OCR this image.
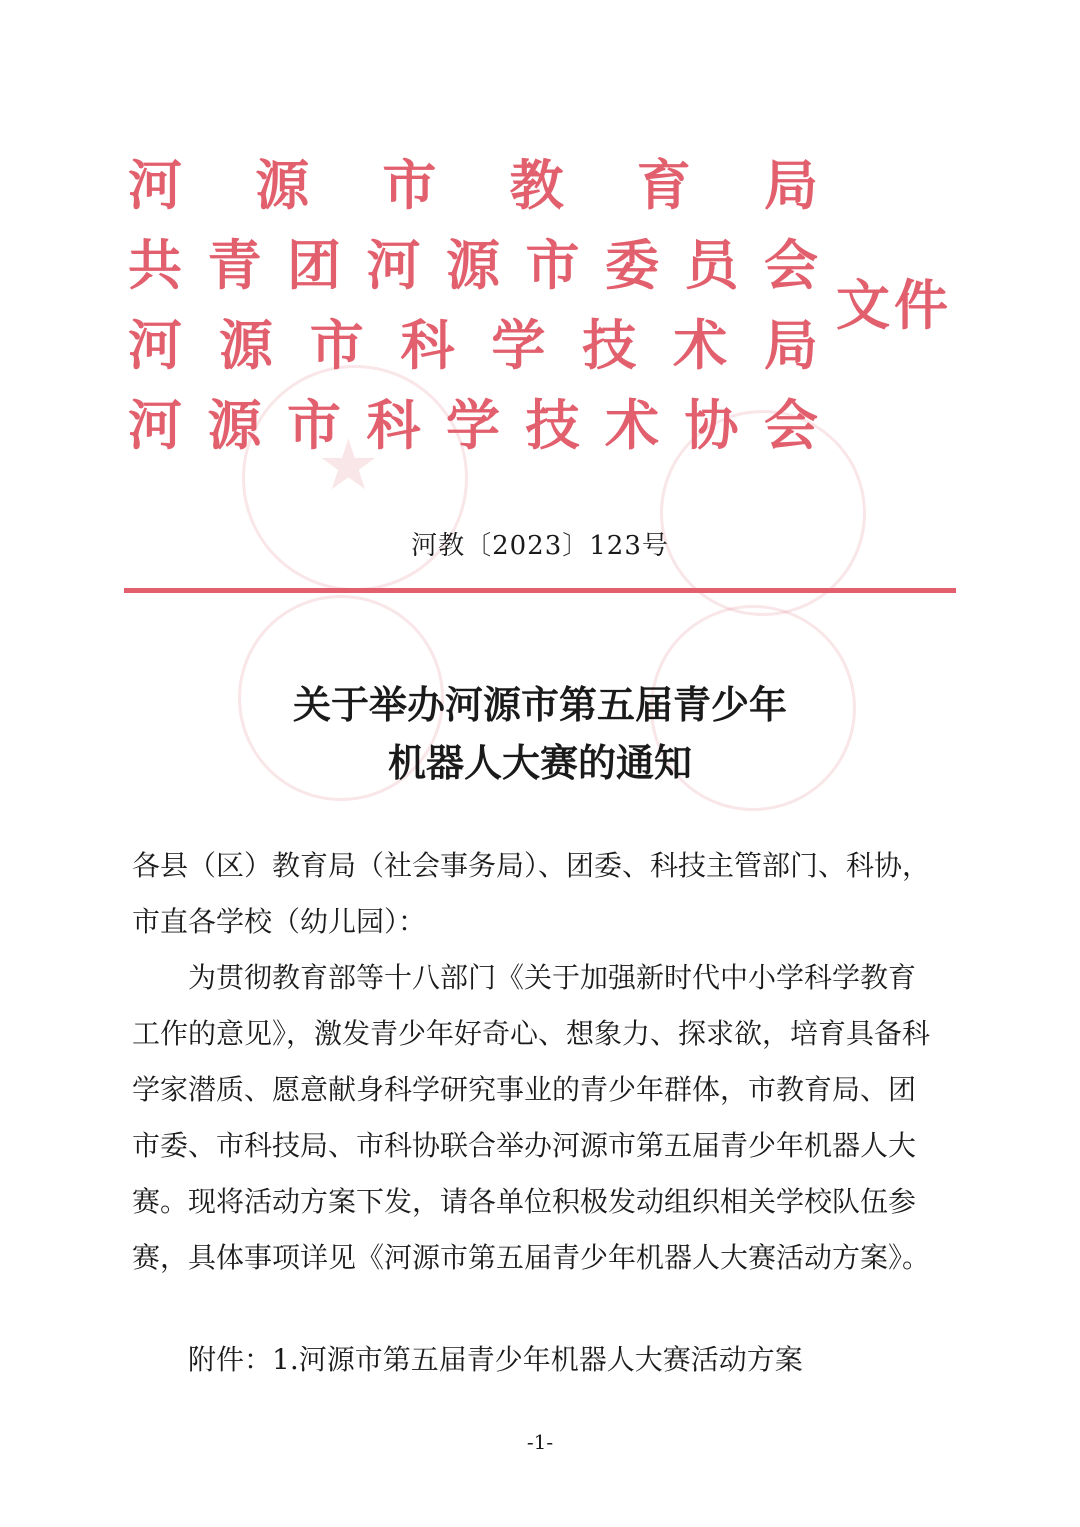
★
河 源 市 教 育 局
共 青 团 河 源 市 委 员 会
河 源 市 科 学 技 术 局
河 源 市 科 学 技 术 协 会
文件
河教〔2023〕123号
关于举办河源市第五届青少年
机器人大赛的通知
各县（区）教育局（社会事务局）、团委、科技主管部门、科协，
市直各学校（幼儿园）：
为贯彻教育部等十八部门《关于加强新时代中小学科学教育
工作的意见》，激发青少年好奇心、想象力、探求欲，培育具备科
学家潜质、愿意献身科学研究事业的青少年群体，市教育局、团
市委、市科技局、市科协联合举办河源市第五届青少年机器人大
赛。现将活动方案下发，请各单位积极发动组织相关学校队伍参
赛，具体事项详见《河源市第五届青少年机器人大赛活动方案》。
附件：1.河源市第五届青少年机器人大赛活动方案
-1-
